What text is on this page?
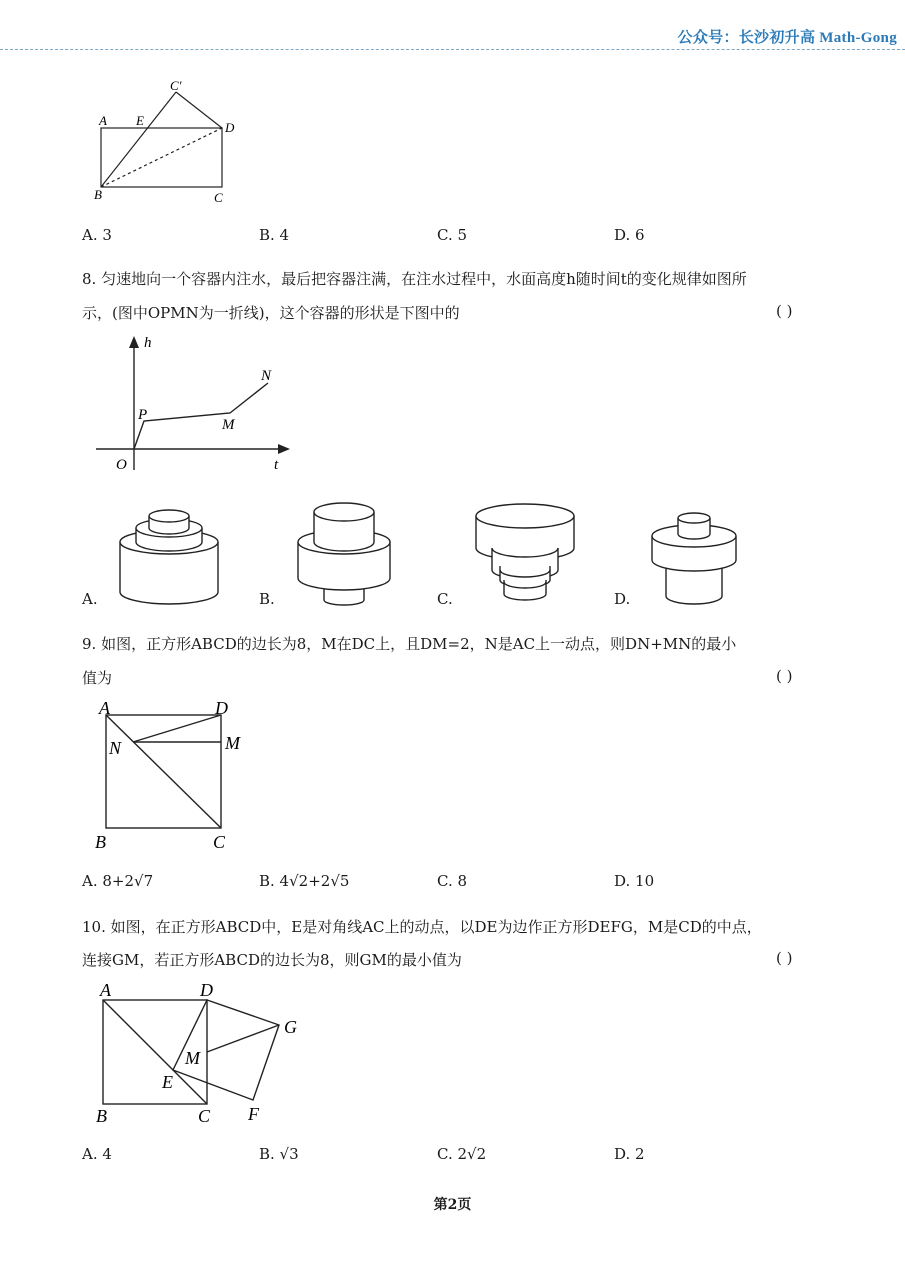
公众号：长沙初升高 Math-Gong
C′
A E	D
B	C
A. 3	B. 4	C. 5	D. 6
8. 匀速地向一个容器内注水，最后把容器注满，在注水过程中，水面高度h随时间t的变化规律如图所
示，(图中OPMN为一折线)，这个容器的形状是下图中的	( )
h
t
O
P
M
N
A.	B.	C.	D.
9. 如图，正方形ABCD的边长为8，M在DC上，且DM=2，N是AC上一动点，则DN+MN的最小
值为	( )
A	D
N	M
B	C
A. 8+2√7	B. 4√2+2√5	C. 8	D. 10
10. 如图，在正方形ABCD中，E是对角线AC上的动点，以DE为边作正方形DEFG，M是CD的中点，
连接GM，若正方形ABCD的边长为8，则GM的最小值为	( )
A	D
G
M
E
B	C F
A. 4	B. √3	C. 2√2	D. 2
第2页
